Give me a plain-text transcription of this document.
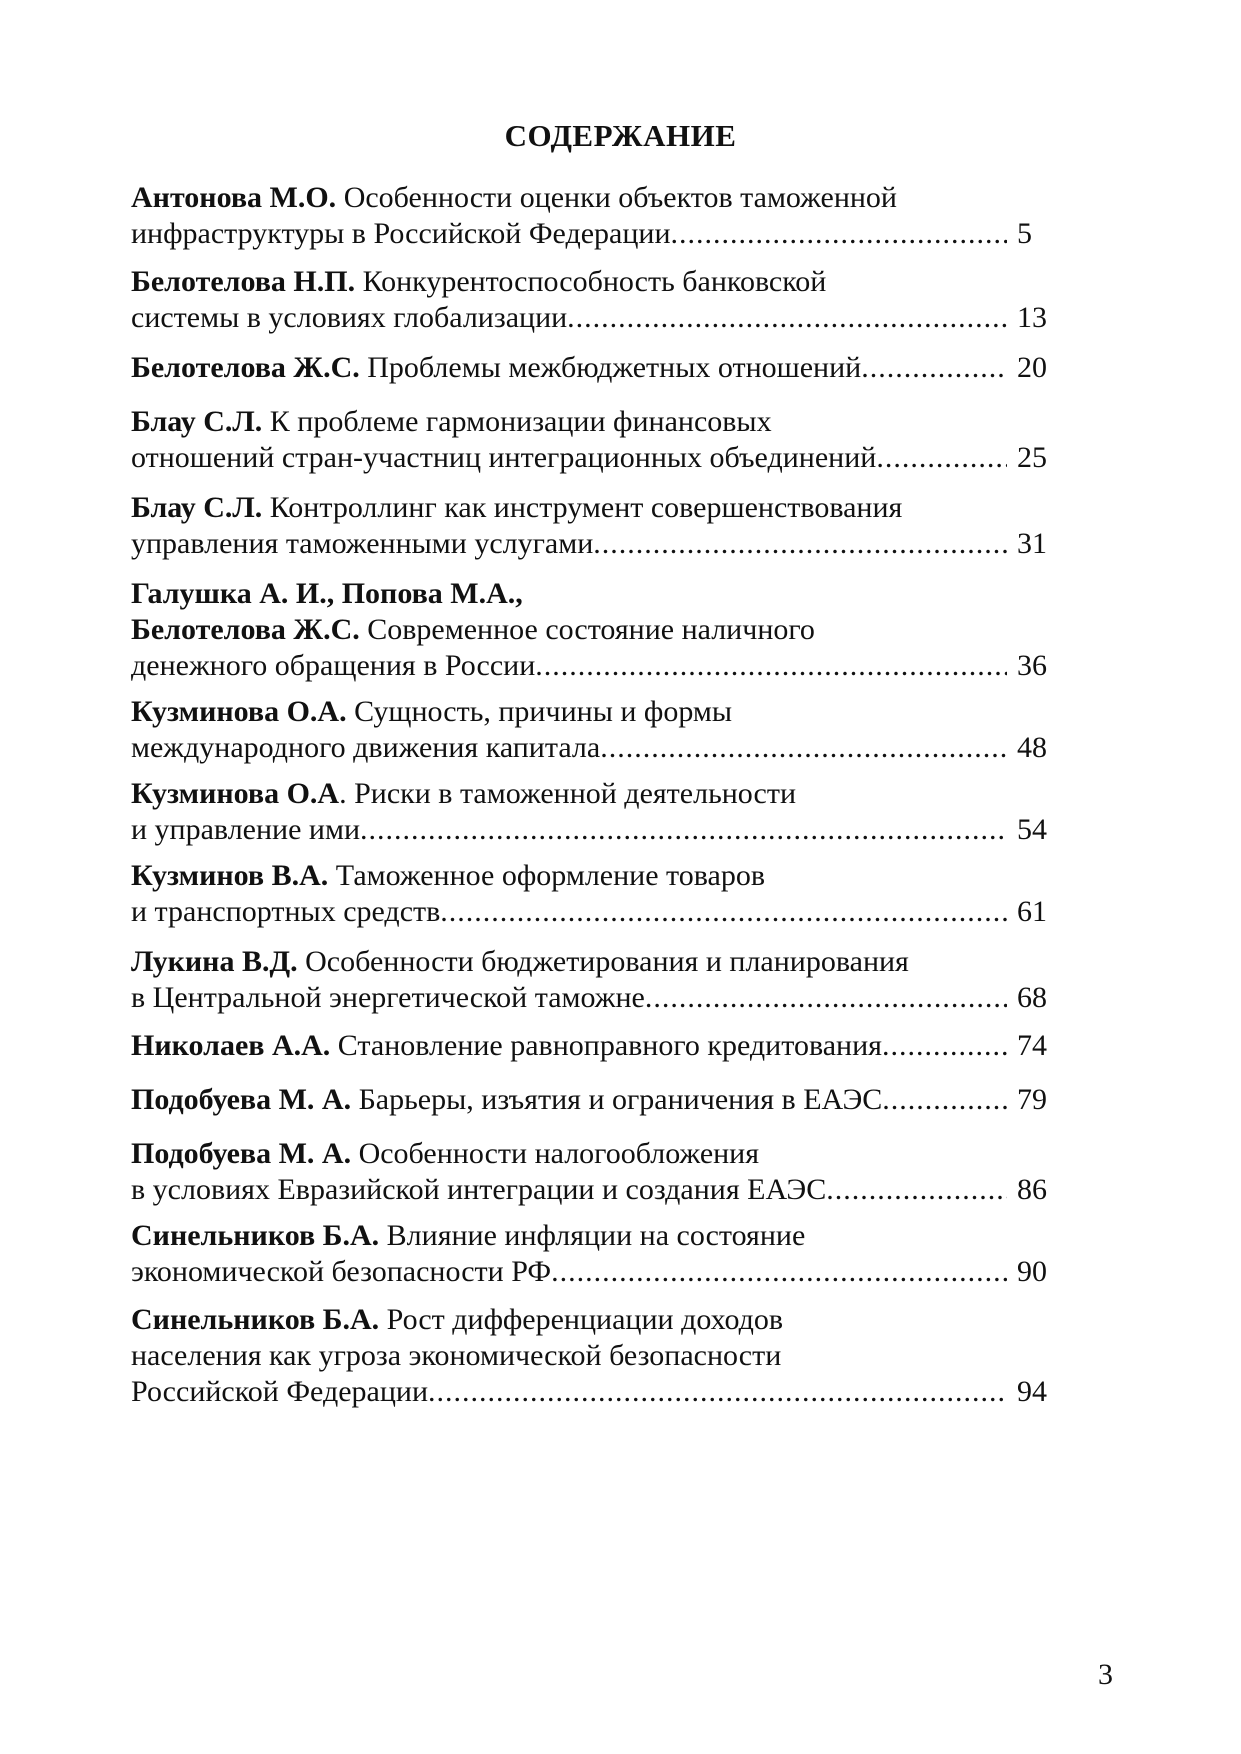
СОДЕРЖАНИЕ
Антонова М.О. Особенности оценки объектов таможенной
инфраструктуры в Российской Федерации .....	5
Белотелова Н.П. Конкурентоспособность банковской
системы в условиях глобализации .....	13
Белотелова Ж.С. Проблемы межбюджетных отношений .....	20
Блау С.Л. К проблеме гармонизации финансовых
отношений стран-участниц интеграционных объединений .....	25
Блау С.Л. Контроллинг как инструмент совершенствования
управления таможенными услугами .....	31
Галушка А. И., Попова М.А.,
Белотелова Ж.С. Современное состояние наличного
денежного обращения в России .....	36
Кузминова О.А. Сущность, причины и формы
международного движения капитала .....	48
Кузминова О.А. Риски в таможенной деятельности
и управление ими .....	54
Кузминов В.А. Таможенное оформление товаров
и транспортных средств .....	61
Лукина В.Д. Особенности бюджетирования и планирования
в Центральной энергетической таможне .....	68
Николаев А.А. Становление равноправного кредитования .....	74
Подобуева М. А. Барьеры, изъятия и ограничения в ЕАЭС .....	79
Подобуева М. А. Особенности налогообложения
в условиях Евразийской интеграции и создания ЕАЭС .....	86
Синельников Б.А. Влияние инфляции на состояние
экономической безопасности РФ .....	90
Синельников Б.А. Рост дифференциации доходов
населения как угроза экономической безопасности
Российской Федерации .....	94
3
